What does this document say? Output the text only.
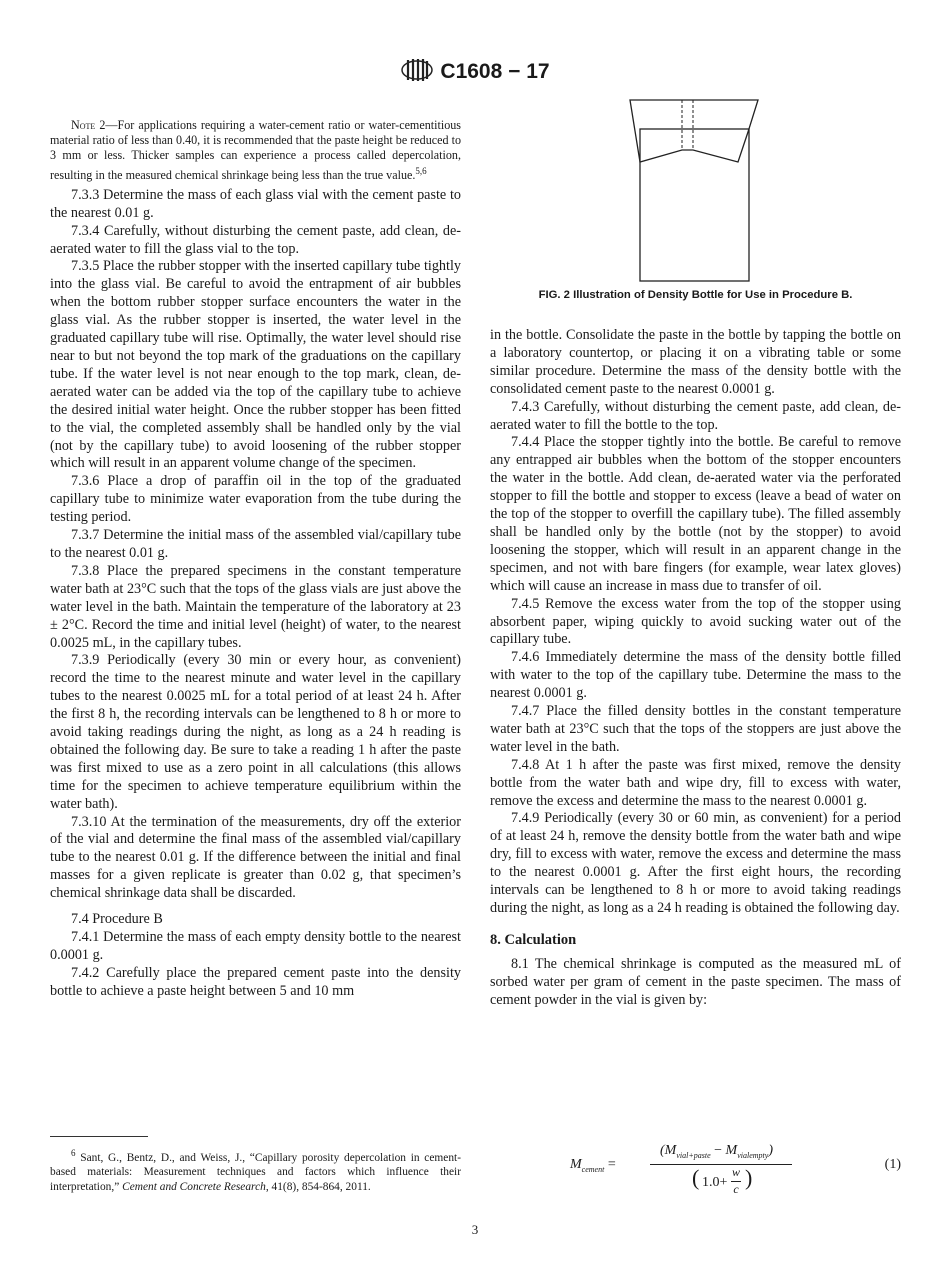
C1608 − 17

Note 2—For applications requiring a water-cement ratio or water-cementitious material ratio of less than 0.40, it is recommended that the paste height be reduced to 3 mm or less. Thicker samples can experience a process called depercolation, resulting in the measured chemical shrinkage being less than the true value.$^{5,6}$

7.3.3 Determine the mass of each glass vial with the cement paste to the nearest 0.01 g.

7.3.4 Carefully, without disturbing the cement paste, add clean, de-aerated water to fill the glass vial to the top.

7.3.5 Place the rubber stopper with the inserted capillary tube tightly into the glass vial. Be careful to avoid the entrapment of air bubbles when the bottom rubber stopper surface encounters the water in the glass vial. As the rubber stopper is inserted, the water level in the graduated capillary tube will rise. Optimally, the water level should rise near to but not beyond the top mark of the graduations on the capillary tube. If the water level is not near enough to the top mark, clean, de-aerated water can be added via the top of the capillary tube to achieve the desired initial water height. Once the rubber stopper has been fitted to the vial, the completed assembly shall be handled only by the vial (not by the capillary tube) to avoid loosening of the rubber stopper which will result in an apparent volume change of the specimen.

7.3.6 Place a drop of paraffin oil in the top of the graduated capillary tube to minimize water evaporation from the tube during the testing period.

7.3.7 Determine the initial mass of the assembled vial/capillary tube to the nearest 0.01 g.

7.3.8 Place the prepared specimens in the constant temperature water bath at 23°C such that the tops of the glass vials are just above the water level in the bath. Maintain the temperature of the laboratory at 23 ± 2°C. Record the time and initial level (height) of water, to the nearest 0.0025 mL, in the capillary tubes.

7.3.9 Periodically (every 30 min or every hour, as convenient) record the time to the nearest minute and water level in the capillary tubes to the nearest 0.0025 mL for a total period of at least 24 h. After the first 8 h, the recording intervals can be lengthened to 8 h or more to avoid taking readings during the night, as long as a 24 h reading is obtained the following day. Be sure to take a reading 1 h after the paste was first mixed to use as a zero point in all calculations (this allows time for the specimen to achieve temperature equilibrium within the water bath).

7.3.10 At the termination of the measurements, dry off the exterior of the vial and determine the final mass of the assembled vial/capillary tube to the nearest 0.01 g. If the difference between the initial and final masses for a given replicate is greater than 0.02 g, that specimen’s chemical shrinkage data shall be discarded.

7.4 Procedure B

7.4.1 Determine the mass of each empty density bottle to the nearest 0.0001 g.

7.4.2 Carefully place the prepared cement paste into the density bottle to achieve a paste height between 5 and 10 mm

$^6$ Sant, G., Bentz, D., and Weiss, J., “Capillary porosity depercolation in cement-based materials: Measurement techniques and factors which influence their interpretation,” Cement and Concrete Research, 41(8), 854-864, 2011.
FIG. 2 Illustration of Density Bottle for Use in Procedure B.

in the bottle. Consolidate the paste in the bottle by tapping the bottle on a laboratory countertop, or placing it on a vibrating table or some similar procedure. Determine the mass of the density bottle with the consolidated cement paste to the nearest 0.0001 g.

7.4.3 Carefully, without disturbing the cement paste, add clean, de-aerated water to fill the bottle to the top.

7.4.4 Place the stopper tightly into the bottle. Be careful to remove any entrapped air bubbles when the bottom of the stopper encounters the water in the bottle. Add clean, de-aerated water via the perforated stopper to fill the bottle and stopper to excess (leave a bead of water on the top of the stopper to overfill the capillary tube). The filled assembly shall be handled only by the bottle (not by the stopper) to avoid loosening the stopper, which will result in an apparent change in the specimen, and not with bare fingers (for example, wear latex gloves) which will cause an increase in mass due to transfer of oil.

7.4.5 Remove the excess water from the top of the stopper using absorbent paper, wiping quickly to avoid sucking water out of the capillary tube.

7.4.6 Immediately determine the mass of the density bottle filled with water to the top of the capillary tube. Determine the mass to the nearest 0.0001 g.

7.4.7 Place the filled density bottles in the constant temperature water bath at 23°C such that the tops of the stoppers are just above the water level in the bath.

7.4.8 At 1 h after the paste was first mixed, remove the density bottle from the water bath and wipe dry, fill to excess with water, remove the excess and determine the mass to the nearest 0.0001 g.

7.4.9 Periodically (every 30 or 60 min, as convenient) for a period of at least 24 h, remove the density bottle from the water bath and wipe dry, fill to excess with water, remove the excess and determine the mass to the nearest 0.0001 g. After the first eight hours, the recording intervals can be lengthened to 8 h or more to avoid taking readings during the night, as long as a 24 h reading is obtained the following day.

8. Calculation

8.1 The chemical shrinkage is computed as the measured mL of sorbed water per gram of cement in the paste specimen. The mass of cement powder in the vial is given by:

$M_{cement}$ =
$(M_{vial+paste} - M_{vialempty})$
( 1.0+
w
c )
(1)
3
